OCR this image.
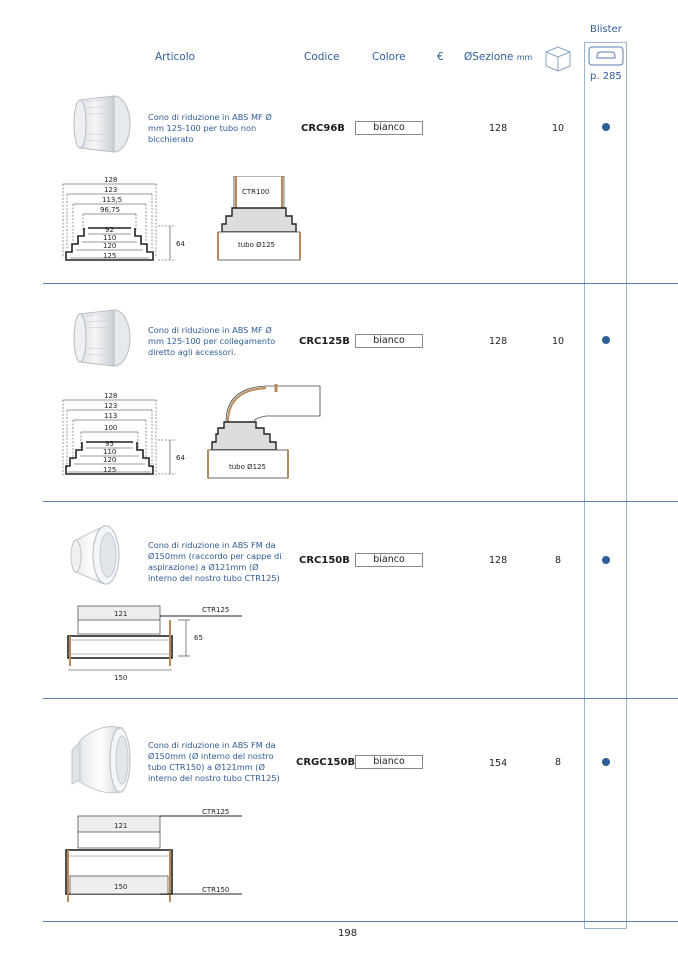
Blister
p. 285
Articolo	Codice	Colore	€ ØSezione mm
Cono di riduzione in ABS MF Ø mm 125-100 per tubo non bicchierato
CRC96B	bianco	128	10
128
123
113,5
96,75
92
110
120
125
64
CTR100
tubo Ø125
Cono di riduzione in ABS MF Ø mm 125-100 per collegamento diretto agli accessori.
CRC125B	bianco	128	10
128
123
113
100
95
110
120
125
64
tubo Ø125
Cono di riduzione in ABS FM da Ø150mm (raccordo per cappe di aspirazione) a Ø121mm (Ø interno del nostro tubo CTR125)
CRC150B	bianco	128	8
121
65
150
CTR125
Cono di riduzione in ABS FM da Ø150mm (Ø interno del nostro tubo CTR150) a Ø121mm (Ø interno del nostro tubo CTR125)
CRGC150B	bianco	154	8
121
150
CTR125
CTR150
198
